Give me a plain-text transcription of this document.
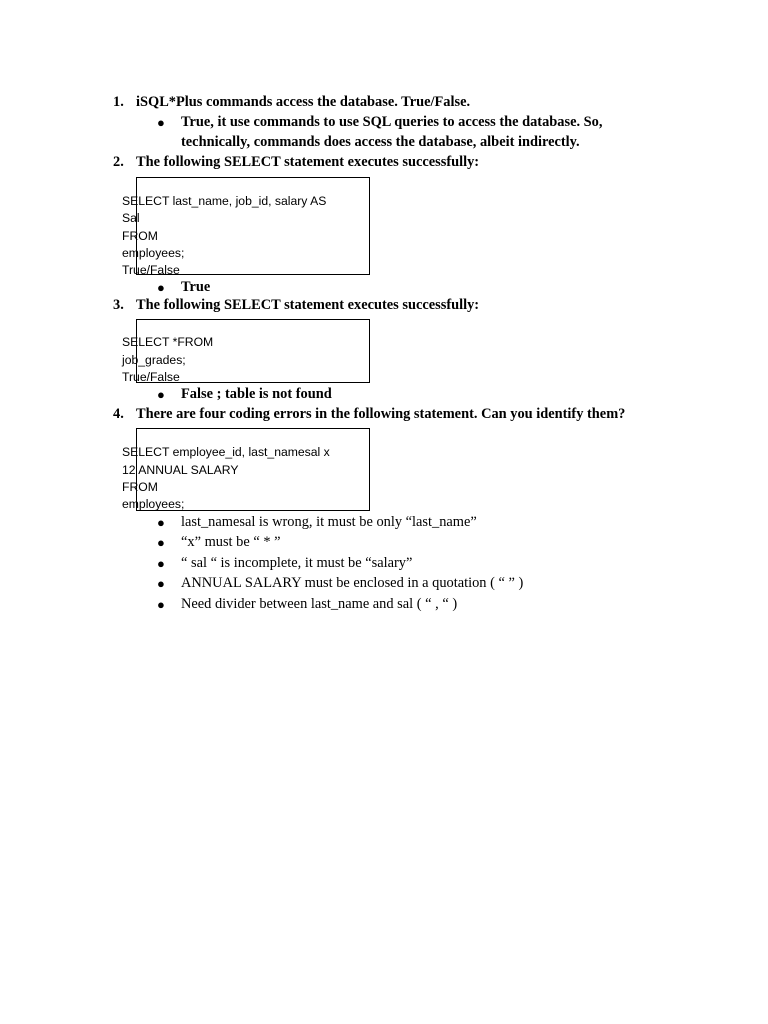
1. iSQL*Plus commands access the database. True/False.
● True, it use commands to use SQL queries to access the database. So,
technically, commands does access the database, albeit indirectly.
2. The following SELECT statement executes successfully:
SELECT last_name, job_id, salary AS
Sal
FROM
employees;
True/False
● True
3. The following SELECT statement executes successfully:
SELECT *FROM
job_grades;
True/False
● False ; table is not found
4. There are four coding errors in the following statement. Can you identify them?
SELECT employee_id, last_namesal x
12 ANNUAL SALARY
FROM
employees;
● last_namesal is wrong, it must be only “last_name”
● “x” must be “ * ”
● “ sal “ is incomplete, it must be “salary”
● ANNUAL SALARY must be enclosed in a quotation ( “ ” )
● Need divider between last_name and sal ( “ , “ )
